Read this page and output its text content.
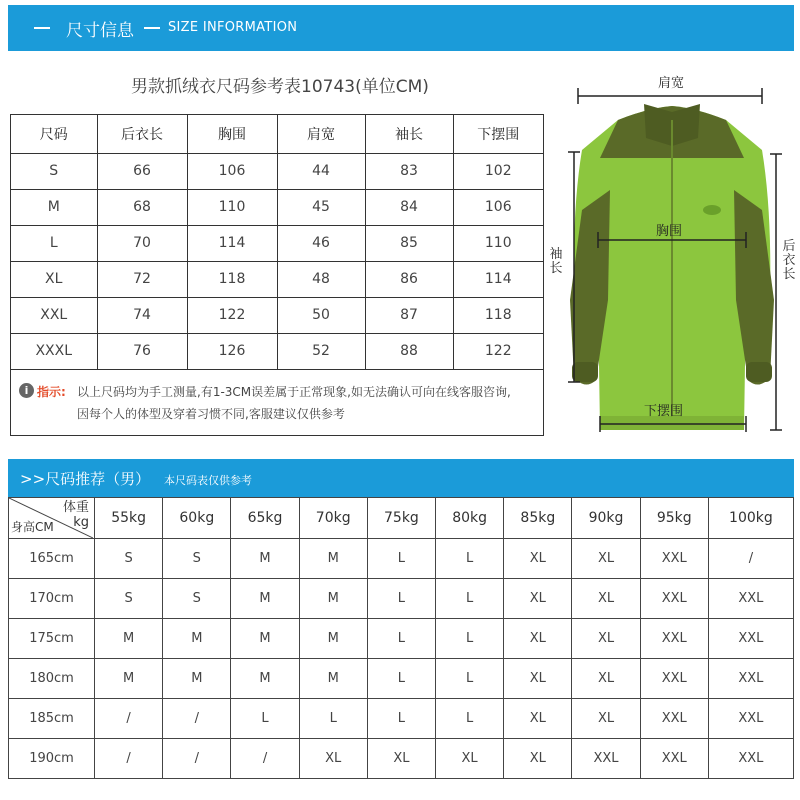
尺寸信息	SIZE INFORMATION
男款抓绒衣尺码参考表10743(单位CM)
尺码	后衣长	胸围	肩宽	袖长	下摆围
S	66	106	44	83	102
M	68	110	45	84	106
L	70	114	46	85	110
XL	72	118	48	86	114
XXL	74	122	50	87	118
XXXL	76	126	52	88	122
i 指示: 以上尺码均为手工测量,有1-3CM误差属于正常现象,如无法确认可向在线客服咨询,
因每个人的体型及穿着习惯不同,客服建议仅供参考
肩宽
胸围
袖长
后衣长
下摆围
>>尺码推荐（男） 本尺码表仅供参考
体重
kg
身高CM	55kg	60kg	65kg	70kg	75kg	80kg	85kg	90kg	95kg	100kg
165cm	S	S	M	M	L	L	XL	XL	XXL	/
170cm	S	S	M	M	L	L	XL	XL	XXL	XXL
175cm	M	M	M	M	L	L	XL	XL	XXL	XXL
180cm	M	M	M	M	L	L	XL	XL	XXL	XXL
185cm	/	/	L	L	L	L	XL	XL	XXL	XXL
190cm	/	/	/	XL	XL	XL	XL	XXL	XXL	XXL
